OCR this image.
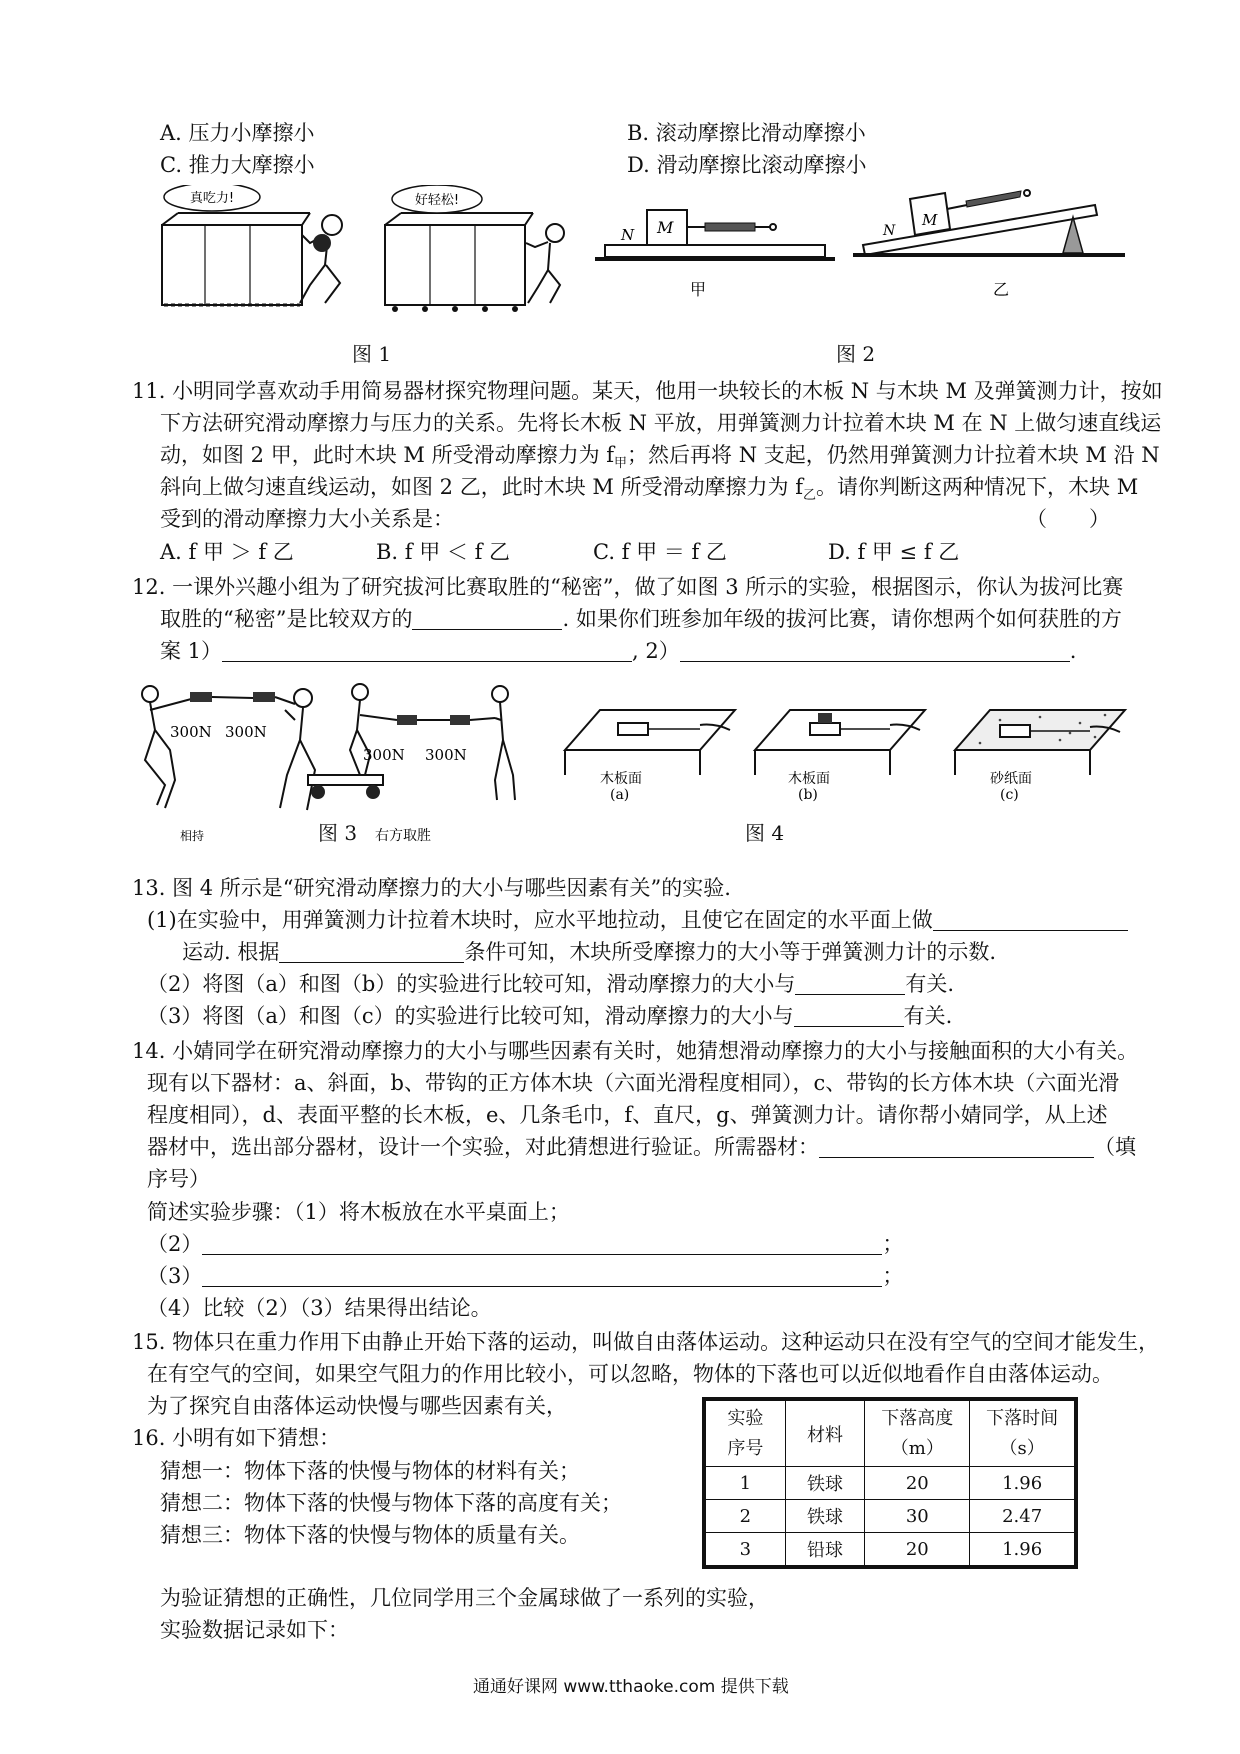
A. 压力小摩擦小	B. 滚动摩擦比滑动摩擦小
C. 推力大摩擦小	D. 滑动摩擦比滚动摩擦小
真吃力!	好轻松!
图 1
N M	N
M
甲	乙
图 2
11. 小明同学喜欢动手用简易器材探究物理问题。某天，他用一块较长的木板 N 与木块 M 及弹簧测力计，按如
下方法研究滑动摩擦力与压力的关系。先将长木板 N 平放，用弹簧测力计拉着木块 M 在 N 上做匀速直线运
动，如图 2 甲，此时木块 M 所受滑动摩擦力为 $f_甲$；然后再将 N 支起，仍然用弹簧测力计拉着木块 M 沿 N
斜向上做匀速直线运动，如图 2 乙，此时木块 M 所受滑动摩擦力为 $f_乙$。请你判断这两种情况下，木块 M
受到的滑动摩擦力大小关系是：	（　　）
A. f 甲 ＞ f 乙	B. f 甲 ＜ f 乙	C. f 甲 ＝ f 乙	D. f 甲 ≤ f 乙
12. 一课外兴趣小组为了研究拔河比赛取胜的“秘密”，做了如图 3 所示的实验，根据图示，你认为拔河比赛
取胜的“秘密”是比较双方的	. 如果你们班参加年级的拔河比赛，请你想两个如何获胜的方
案 1）	, 2）	.
300N 300N
相持
300N 300N
右方取胜
图 3
木板面
(a)
木板面
(b)
砂纸面
(c)
图 4
13. 图 4 所示是“研究滑动摩擦力的大小与哪些因素有关”的实验.
(1)在实验中，用弹簧测力计拉着木块时，应水平地拉动，且使它在固定的水平面上做
运动. 根据	条件可知，木块所受摩擦力的大小等于弹簧测力计的示数.
（2）将图（a）和图（b）的实验进行比较可知，滑动摩擦力的大小与	有关.
（3）将图（a）和图（c）的实验进行比较可知，滑动摩擦力的大小与	有关.
14. 小婧同学在研究滑动摩擦力的大小与哪些因素有关时，她猜想滑动摩擦力的大小与接触面积的大小有关。
现有以下器材：a、斜面，b、带钩的正方体木块（六面光滑程度相同），c、带钩的长方体木块（六面光滑
程度相同），d、表面平整的长木板，e、几条毛巾，f、直尺，g、弹簧测力计。请你帮小婧同学，从上述
器材中，选出部分器材，设计一个实验，对此猜想进行验证。所需器材：	（填
序号）
简述实验步骤：（1）将木板放在水平桌面上；
（2）	；
（3）	；
（4）比较（2）（3）结果得出结论。
15. 物体只在重力作用下由静止开始下落的运动，叫做自由落体运动。这种运动只在没有空气的空间才能发生，
在有空气的空间，如果空气阻力的作用比较小，可以忽略，物体的下落也可以近似地看作自由落体运动。
为了探究自由落体运动快慢与哪些因素有关，
16. 小明有如下猜想：
猜想一：物体下落的快慢与物体的材料有关；
猜想二：物体下落的快慢与物体下落的高度有关；
猜想三：物体下落的快慢与物体的质量有关。
为验证猜想的正确性，几位同学用三个金属球做了一系列的实验，
实验数据记录如下：
实验
序号	材料	下落高度
（m）	下落时间
（s）
1	铁球	20	1.96
2	铁球	30	2.47
3	铅球	20	1.96
通通好课网 www.tthaoke.com 提供下载
